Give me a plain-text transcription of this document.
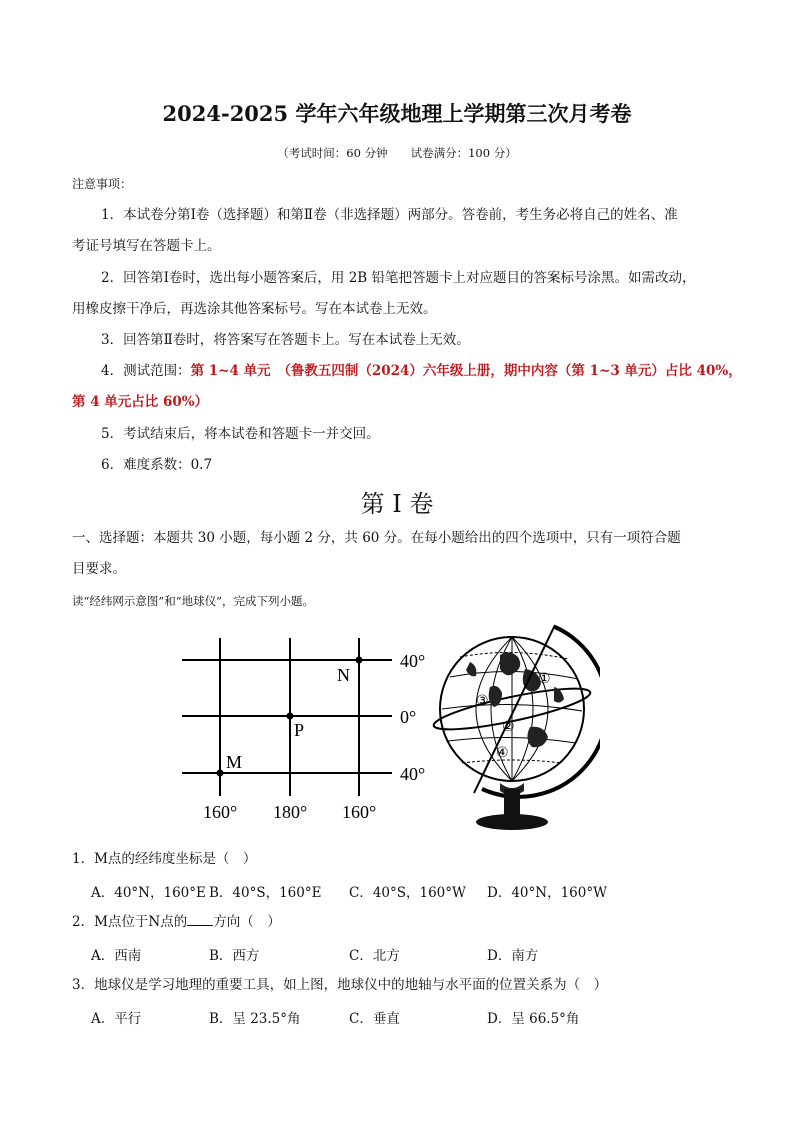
2024-2025 学年六年级地理上学期第三次月考卷
（考试时间：60 分钟　　试卷满分：100 分）
注意事项：
1．本试卷分第Ⅰ卷（选择题）和第Ⅱ卷（非选择题）两部分。答卷前，考生务必将自己的姓名、准
考证号填写在答题卡上。
2．回答第Ⅰ卷时，选出每小题答案后，用 2B 铅笔把答题卡上对应题目的答案标号涂黑。如需改动，
用橡皮擦干净后，再选涂其他答案标号。写在本试卷上无效。
3．回答第Ⅱ卷时，将答案写在答题卡上。写在本试卷上无效。
4．测试范围：第 1~4 单元　（鲁教五四制（2024）六年级上册，期中内容（第 1~3 单元）占比 40%，
第 4 单元占比 60%）
5．考试结束后，将本试卷和答题卡一并交回。
6．难度系数：0.7
第 I 卷
一、选择题：本题共 30 小题，每小题 2 分，共 60 分。在每小题给出的四个选项中，只有一项符合题
目要求。
读“经纬网示意图”和“地球仪”，完成下列小题。
N
P
M
40°
0°
40°
160° 180° 160°
①
②
③
④
1．M点的经纬度坐标是（　）
A．40°N，160°E B．40°S，160°E C．40°S，160°W D．40°N，160°W
2．M点位于N点的 方向（　）
A．西南	B．西方	C．北方	D．南方
3．地球仪是学习地理的重要工具，如上图，地球仪中的地轴与水平面的位置关系为（　）
A．平行	B．呈 23.5°角	C．垂直	D．呈 66.5°角
